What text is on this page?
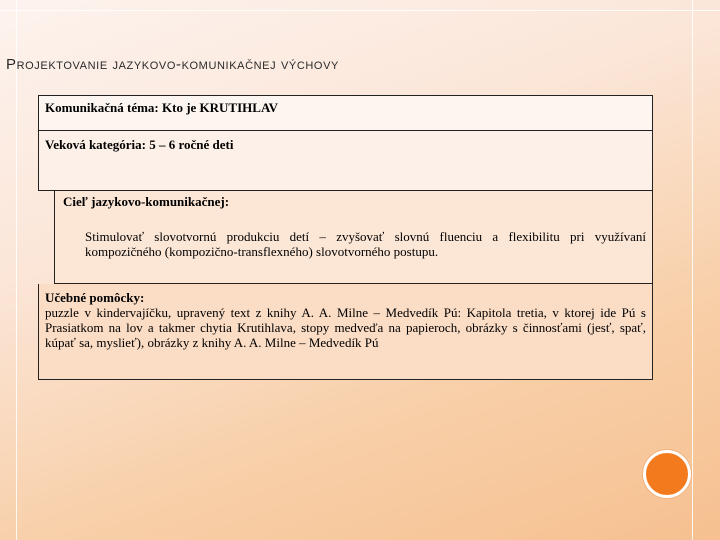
Projektovanie jazykovo-komunikačnej výchovy
Komunikačná téma: Kto je KRUTIHLAV
Veková kategória: 5 – 6 ročné deti
Cieľ jazykovo-komunikačnej:
Stimulovať slovotvornú produkciu detí – zvyšovať slovnú fluenciu a flexibilitu pri využívaní kompozičného (kompozično-transflexného) slovotvorného postupu.
Učebné pomôcky:
puzzle v kindervajíčku, upravený text z knihy A. A. Milne – Medvedík Pú: Kapitola tretia, v ktorej ide Pú s Prasiatkom na lov a takmer chytia Krutihlava, stopy medveďa na papieroch, obrázky s činnosťami (jesť, spať, kúpať sa, myslieť), obrázky z knihy A. A. Milne – Medvedík Pú
